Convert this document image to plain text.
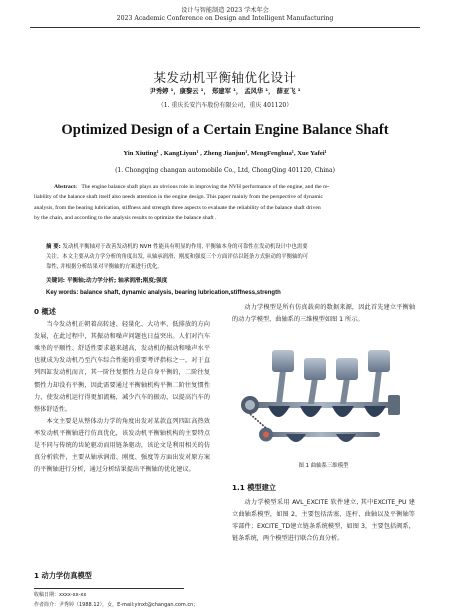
设计与智能制造 2023 学术年会
2023 Academic Conference on Design and Intelligent Manufacturing
某发动机平衡轴优化设计
尹秀婷 ¹，康黎云 ¹， 郑建军 ¹， 孟风华 ¹， 薛亚飞 ¹
（1. 重庆长安汽车股份有限公司，重庆 401120）
Optimized Design of a Certain Engine Balance Shaft
Yin Xiuting¹ , KangLiyun¹ , Zheng Jianjun¹, MengFenghua¹, Xue Yafei¹
(1. Chongqing changan automobile Co., Ltd, ChongQing 401120, China)
Abstract: The engine balance shaft plays an obvious role in improving the NVH performance of the engine, and the re-
liability of the balance shaft itself also needs attention in the engine design. This paper mainly from the perspective of dynamic
analysis, from the bearing lubrication, stiffness and strength three aspects to evaluate the reliability of the balance shaft driven
by the chain, and according to the analysis results to optimize the balance shaft .
摘 要: 发动机平衡轴对于改善发动机的 NVH 性能具有明显的作用, 平衡轴本身的可靠性在发动机设计中也需要
关注。本文主要从动力学分析的角度出发, 从轴承润滑、刚度和强度三个方面评估以链条方式驱动的平衡轴的可
靠性, 并根据分析结果对平衡轴的方案进行优化。
关键词: 平衡轴;动力学分析; 轴承润滑;刚度;强度
Key words: balance shaft, dynamic analysis, bearing lubrication,stiffness,strength
0 概述

当今发动机正朝着高转速、轻量化、大功率、低排放的方向发展，在此过程中，其振动和噪声问题也日益突出。人们对汽车乘坐的平顺性、舒适性要求越来越高，发动机的振动和噪声水平也就成为发动机乃至汽车综合性能的重要考评指标之一，对于直列四缸发动机而言，其一阶往复惯性力是自身平衡的，二阶往复惯性力却没有平衡，因此需要通过平衡轴机构平衡二阶往复惯性力，使发动机运行得更加流畅，减少汽车的振动，以提高汽车的整体舒适性。

本文主要是从整体动力学的角度出发对某款直列四缸高热效率发动机平衡轴进行仿真优化，该发动机平衡轴机构的主要特点是不同与传统的齿轮驱动而用链条驱动，该论文是利用相关的仿真分析软件，主要从轴承润滑、刚度、强度等方面出发对原方案的平衡轴进行分析，通过分析结果提出平衡轴的优化建议。

1 动力学仿真模型

动力学模型是所有仿真载荷的数据来源，因此首先建立平衡轴的动力学模型，曲轴系的三维模型如图 1 所示。

图 1 曲轴系三维模型
1.1 模型建立

动力学模型采用 AVL_EXCITE 软件建立, 其中EXCITE_PU 建立曲轴系模型，如图 2，主要包括活塞、连杆、曲轴以及平衡轴等零部件；EXCITE_TD建立链条系统模型，如图 3，主要包括阀系，链条系统，两个模型进行联合仿真分析。

收稿日期：xxxx-xx-xx
作者简介：尹秀婷（1988.12），女，E-mail:yinxt@changan.com.cn；
